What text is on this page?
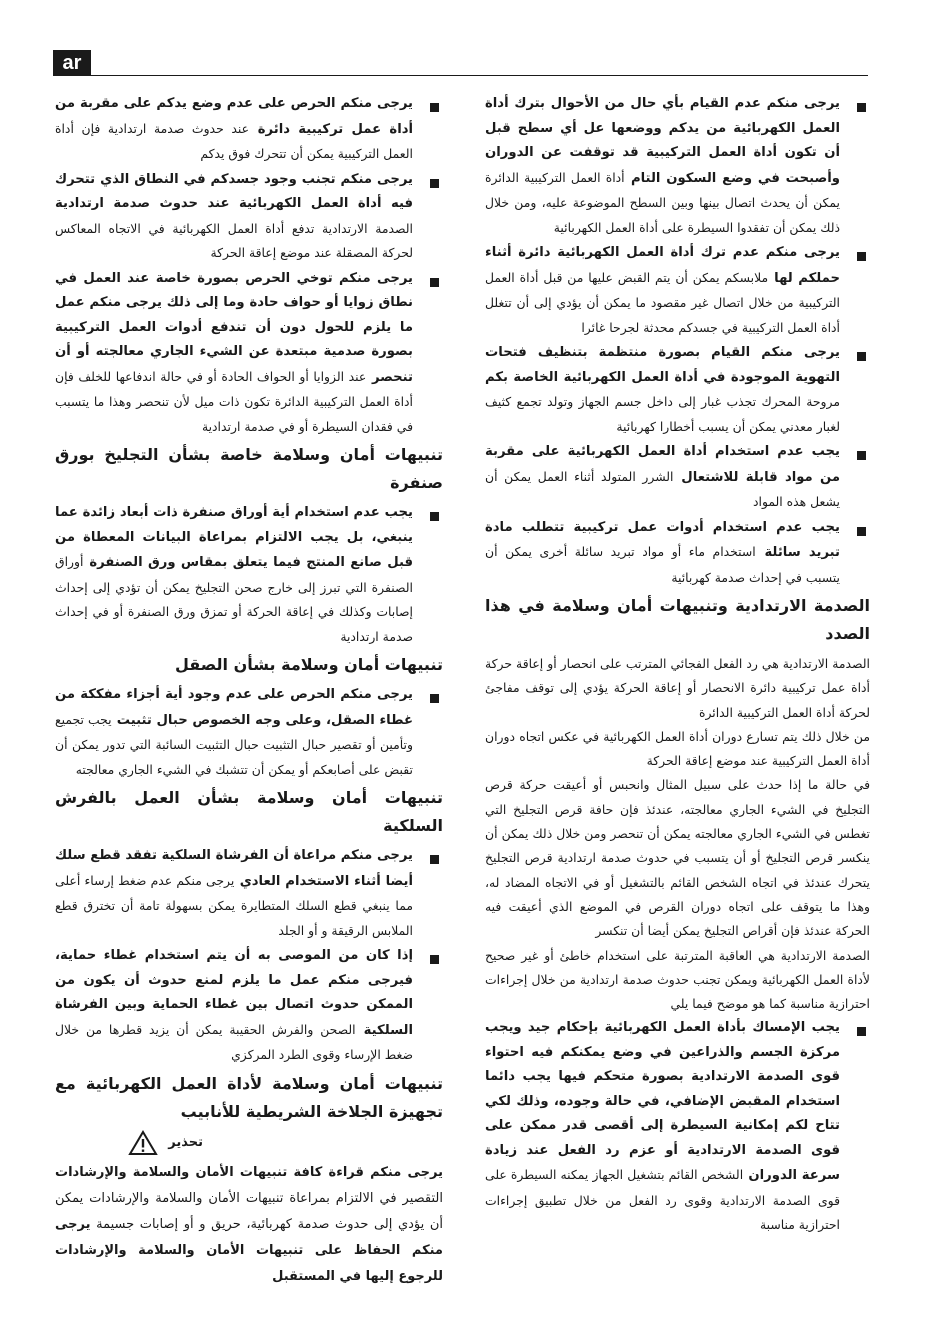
ar
يرجى منكم عدم القيام بأي حال من الأحوال بترك أداة العمل الكهربائية من يدكم ووضعها عل أي سطح قبل أن تكون أداة العمل التركيبية قد توقفت عن الدوران وأصبحت في وضع السكون التام أداة العمل التركيبية الدائرة يمكن أن يحدث اتصال بينها وبين السطح الموضوعة عليه، ومن خلال ذلك يمكن أن تفقدوا السيطرة على أداة العمل الكهربائية
يرجى منكم عدم ترك أداة العمل الكهربائية دائرة أثناء حملكم لها ملابسكم يمكن أن يتم القبض عليها من قبل أداة العمل التركيبية من خلال اتصال غير مقصود ما يمكن أن يؤدي إلى أن تتغلل أداة العمل التركيبية في جسدكم محدثة لجرحا غائرا
يرجى منكم القيام بصورة منتظمة بتنظيف فتحات التهوية الموجودة في أداة العمل الكهربائية الخاصة بكم مروحة المحرك تجذب غبار إلى داخل جسم الجهاز وتولد تجمع كثيف لغبار معدني يمكن أن يسبب أخطارا كهربائية
يجب عدم استخدام أداة العمل الكهربائية على مقربة من مواد قابلة للاشتعال الشرر المتولد أثناء العمل يمكن أن يشعل هذه المواد
يجب عدم استخدام أدوات عمل تركيبية تتطلب مادة تبريد سائلة استخدام ماء أو مواد تبريد سائلة أخرى يمكن أن يتسبب في إحداث صدمة كهربائية
الصدمة الارتدادية وتنبيهات أمان وسلامة في هذا الصدد

الصدمة الارتدادية هي رد الفعل الفجائي المترتب على انحصار أو إعاقة حركة أداة عمل تركيبية دائرة الانحصار أو إعاقة الحركة يؤدي إلى توقف مفاجئ لحركة أداة العمل التركيبية الدائرة

من خلال ذلك يتم تسارع دوران أداة العمل الكهربائية في عكس اتجاه دوران أداة العمل التركيبية عند موضع إعاقة الحركة

في حالة ما إذا حدث على سبيل المثال وانحبس أو أعيقت حركة قرص التجليخ في الشيء الجاري معالجته، عندئذ فإن حافة قرص التجليخ التي تغطس في الشيء الجاري معالجته يمكن أن تنحصر ومن خلال ذلك يمكن أن ينكسر قرص التجليخ أو أن يتسبب في حدوث صدمة ارتدادية قرص التجليخ يتحرك عندئذ في اتجاه الشخص القائم بالتشغيل أو في الاتجاه المضاد له، وهذا ما يتوقف على اتجاه دوران القرص في الموضع الذي أعيقت فيه الحركة عندئذ فإن أقراص التجليخ يمكن أيضا أن تنكسر

الصدمة الارتدادية هي العاقبة المترتبة على استخدام خاطئ أو غير صحيح لأداة العمل الكهربائية ويمكن تجنب حدوث صدمة ارتدادية من خلال إجراءات احترازية مناسبة كما هو موضح فيما يلي

يجب الإمساك بأداة العمل الكهربائية بإحكام جيد ويجب مركزة الجسم والذراعين في وضع يمكنكم فيه احتواء قوى الصدمة الارتدادية بصورة متحكم فيها يجب دائما استخدام المقبض الإضافي، في حالة وجوده، وذلك لكي تتاح لكم إمكانية السيطرة إلى أقصى قدر ممكن على قوى الصدمة الارتدادية أو عزم رد الفعل عند زيادة سرعة الدوران الشخص القائم بتشغيل الجهاز يمكنه السيطرة على قوى الصدمة الارتدادية وقوى رد الفعل من خلال تطبيق إجراءات احترازية مناسبة
يرجى منكم الحرص على عدم وضع يدكم على مقربة من أداة عمل تركيبية دائرة عند حدوث صدمة ارتدادية فإن أداة العمل التركيبية يمكن أن تتحرك فوق يدكم
يرجى منكم تجنب وجود جسدكم في النطاق الذي تتحرك فيه أداة العمل الكهربائية عند حدوث صدمة ارتدادية الصدمة الارتدادية تدفع أداة العمل الكهربائية في الاتجاه المعاكس لحركة المصقلة عند موضع إعاقة الحركة
يرجى منكم توخي الحرص بصورة خاصة عند العمل في نطاق زوايا أو حواف حادة وما إلى ذلك يرجى منكم عمل ما يلزم للحول دون أن تندفع أدوات العمل التركيبية بصورة صدمية مبتعدة عن الشيء الجاري معالجته أو أن تنحصر عند الزوايا أو الحواف الحادة أو في حالة اندفاعها للخلف فإن أداة العمل التركيبية الدائرة تكون ذات ميل لأن تنحصر وهذا ما يتسبب في فقدان السيطرة أو في صدمة ارتدادية
تنبيهات أمان وسلامة خاصة بشأن التجليخ بورق صنفرة
يجب عدم استخدام أية أوراق صنفرة ذات أبعاد زائدة عما ينبغي، بل يجب الالتزام بمراعاة البيانات المعطاة من قبل صانع المنتج فيما يتعلق بمقاس ورق الصنفرة أوراق الصنفرة التي تبرز إلى خارج صحن التجليخ يمكن أن تؤدي إلى إحداث إصابات وكذلك في إعاقة الحركة أو تمزق ورق الصنفرة أو في إحداث صدمة ارتدادية
تنبيهات أمان وسلامة بشأن الصقل
يرجى منكم الحرص على عدم وجود أية أجزاء مفككة من غطاء الصقل، وعلى وجه الخصوص حبال تثبيت يجب تجميع وتأمين أو تقصير حبال التثبيت حبال التثبيت السائبة التي تدور يمكن أن تقبض على أصابعكم أو يمكن أن تتشبك في الشيء الجاري معالجته
تنبيهات أمان وسلامة بشأن العمل بالفرش السلكية
يرجى منكم مراعاة أن الفرشاة السلكية تفقد قطع سلك أيضا أثناء الاستخدام العادي يرجى منكم عدم ضغط إرساء أعلى مما ينبغي قطع السلك المتطايرة يمكن بسهولة تامة أن تخترق قطع الملابس الرقيقة و أو الجلد
إذا كان من الموصى به أن يتم استخدام غطاء حماية، فيرجى منكم عمل ما يلزم لمنع حدوث أن يكون من الممكن حدوث اتصال بين غطاء الحماية وبين الفرشاة السلكية الصحن والفرش الحقيبة يمكن أن يزيد قطرها من خلال ضغط الإرساء وقوى الطرد المركزي
تنبيهات أمان وسلامة لأداة العمل الكهربائية مع تجهيزة الجلاخة الشريطية للأنابيب
تحذير

يرجى منكم قراءة كافة تنبيهات الأمان والسلامة والإرشادات التقصير في الالتزام بمراعاة تنبيهات الأمان والسلامة والإرشادات يمكن أن يؤدي إلى حدوث صدمة كهربائية، حريق و أو إصابات جسيمة يرجى منكم الحفاظ على تنبيهات الأمان والسلامة والإرشادات للرجوع إليها في المستقبل
